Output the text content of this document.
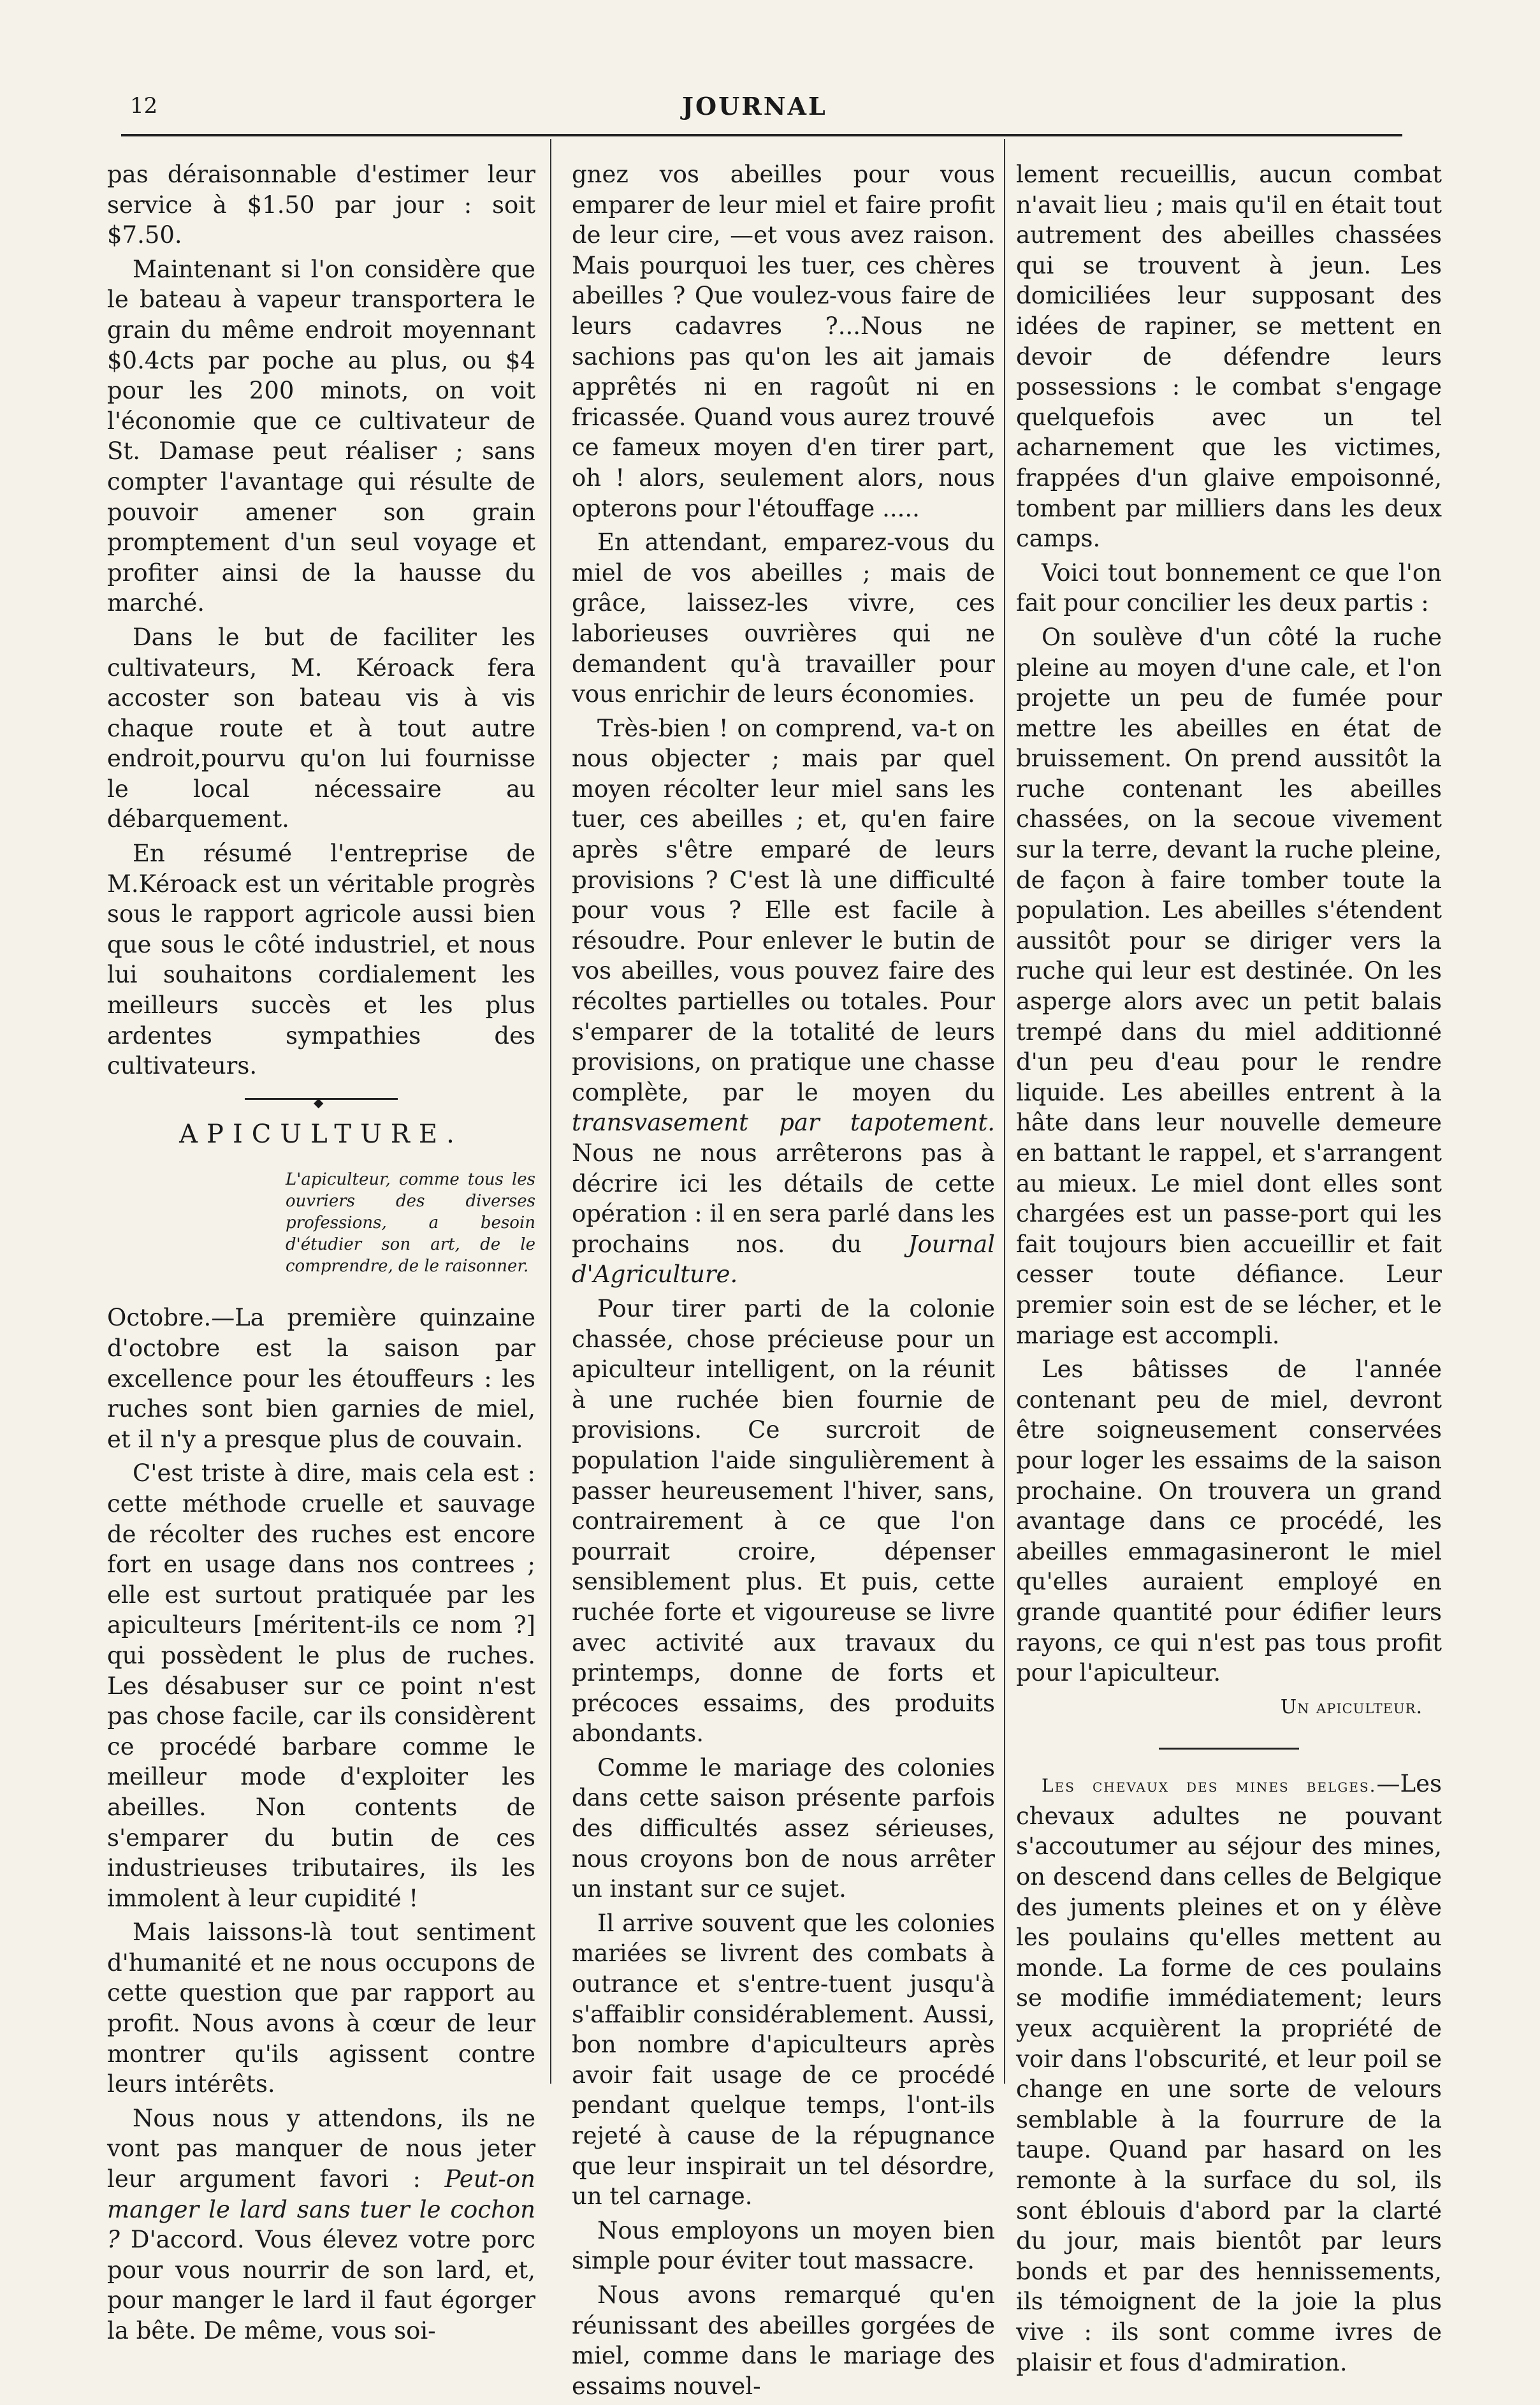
12	JOURNAL

pas déraisonnable d'estimer leur service à $1.50 par jour : soit $7.50.

Maintenant si l'on considère que le bateau à vapeur transportera le grain du même endroit moyennant $0.4cts par poche au plus, ou $4 pour les 200 minots, on voit l'économie que ce cultivateur de St. Damase peut réaliser ; sans compter l'avantage qui résulte de pouvoir amener son grain promptement d'un seul voyage et profiter ainsi de la hausse du marché.

Dans le but de faciliter les cultivateurs, M. Kéroack fera accoster son bateau vis à vis chaque route et à tout autre endroit,pourvu qu'on lui fournisse le local nécessaire au débarquement.

En résumé l'entreprise de M.Kéroack est un véritable progrès sous le rapport agricole aussi bien que sous le côté industriel, et nous lui souhaitons cordialement les meilleurs succès et les plus ardentes sympathies des cultivateurs.

◆
APICULTURE.
L'apiculteur, comme tous les ouvriers des diverses professions, a besoin d'étudier son art, de le comprendre, de le raisonner.

Octobre.—La première quinzaine d'octobre est la saison par excellence pour les étouffeurs : les ruches sont bien garnies de miel, et il n'y a presque plus de couvain.

C'est triste à dire, mais cela est : cette méthode cruelle et sauvage de récolter des ruches est encore fort en usage dans nos contrees ; elle est surtout pratiquée par les apiculteurs [méritent-ils ce nom ?] qui possèdent le plus de ruches. Les désabuser sur ce point n'est pas chose facile, car ils considèrent ce procédé barbare comme le meilleur mode d'exploiter les abeilles. Non contents de s'emparer du butin de ces industrieuses tributaires, ils les immolent à leur cupidité !

Mais laissons-là tout sentiment d'humanité et ne nous occupons de cette question que par rapport au profit. Nous avons à cœur de leur montrer qu'ils agissent contre leurs intérêts.

Nous nous y attendons, ils ne vont pas manquer de nous jeter leur argument favori : Peut-on manger le lard sans tuer le cochon ? D'accord. Vous élevez votre porc pour vous nourrir de son lard, et, pour manger le lard il faut égorger la bête. De même, vous soi-

gnez vos abeilles pour vous emparer de leur miel et faire profit de leur cire, —et vous avez raison. Mais pourquoi les tuer, ces chères abeilles ? Que voulez-vous faire de leurs cadavres ?...Nous ne sachions pas qu'on les ait jamais apprêtés ni en ragoût ni en fricassée. Quand vous aurez trouvé ce fameux moyen d'en tirer part, oh ! alors, seulement alors, nous opterons pour l'étouffage .....

En attendant, emparez-vous du miel de vos abeilles ; mais de grâce, laissez-les vivre, ces laborieuses ouvrières qui ne demandent qu'à travailler pour vous enrichir de leurs économies.

Très-bien ! on comprend, va-t on nous objecter ; mais par quel moyen récolter leur miel sans les tuer, ces abeilles ; et, qu'en faire après s'être emparé de leurs provisions ? C'est là une difficulté pour vous ? Elle est facile à résoudre. Pour enlever le butin de vos abeilles, vous pouvez faire des récoltes partielles ou totales. Pour s'emparer de la totalité de leurs provisions, on pratique une chasse complète, par le moyen du transvasement par tapotement. Nous ne nous arrêterons pas à décrire ici les détails de cette opération : il en sera parlé dans les prochains nos. du Journal d'Agriculture.

Pour tirer parti de la colonie chassée, chose précieuse pour un apiculteur intelligent, on la réunit à une ruchée bien fournie de provisions. Ce surcroit de population l'aide singulièrement à passer heureusement l'hiver, sans, contrairement à ce que l'on pourrait croire, dépenser sensiblement plus. Et puis, cette ruchée forte et vigoureuse se livre avec activité aux travaux du printemps, donne de forts et précoces essaims, des produits abondants.

Comme le mariage des colonies dans cette saison présente parfois des difficultés assez sérieuses, nous croyons bon de nous arrêter un instant sur ce sujet.

Il arrive souvent que les colonies mariées se livrent des combats à outrance et s'entre-tuent jusqu'à s'affaiblir considérablement. Aussi, bon nombre d'apiculteurs après avoir fait usage de ce procédé pendant quelque temps, l'ont-ils rejeté à cause de la répugnance que leur inspirait un tel désordre, un tel carnage.

Nous employons un moyen bien simple pour éviter tout massacre.

Nous avons remarqué qu'en réunissant des abeilles gorgées de miel, comme dans le mariage des essaims nouvel-

lement recueillis, aucun combat n'avait lieu ; mais qu'il en était tout autrement des abeilles chassées qui se trouvent à jeun. Les domiciliées leur supposant des idées de rapiner, se mettent en devoir de défendre leurs possessions : le combat s'engage quelquefois avec un tel acharnement que les victimes, frappées d'un glaive empoisonné, tombent par milliers dans les deux camps.

Voici tout bonnement ce que l'on fait pour concilier les deux partis :

On soulève d'un côté la ruche pleine au moyen d'une cale, et l'on projette un peu de fumée pour mettre les abeilles en état de bruissement. On prend aussitôt la ruche contenant les abeilles chassées, on la secoue vivement sur la terre, devant la ruche pleine, de façon à faire tomber toute la population. Les abeilles s'étendent aussitôt pour se diriger vers la ruche qui leur est destinée. On les asperge alors avec un petit balais trempé dans du miel additionné d'un peu d'eau pour le rendre liquide. Les abeilles entrent à la hâte dans leur nouvelle demeure en battant le rappel, et s'arrangent au mieux. Le miel dont elles sont chargées est un passe-port qui les fait toujours bien accueillir et fait cesser toute défiance. Leur premier soin est de se lécher, et le mariage est accompli.

Les bâtisses de l'année contenant peu de miel, devront être soigneusement conservées pour loger les essaims de la saison prochaine. On trouvera un grand avantage dans ce procédé, les abeilles emmagasineront le miel qu'elles auraient employé en grande quantité pour édifier leurs rayons, ce qui n'est pas tous profit pour l'apiculteur.

Un apiculteur.

Les chevaux des mines belges.—Les chevaux adultes ne pouvant s'accoutumer au séjour des mines, on descend dans celles de Belgique des juments pleines et on y élève les poulains qu'elles mettent au monde. La forme de ces poulains se modifie immédiatement; leurs yeux acquièrent la propriété de voir dans l'obscurité, et leur poil se change en une sorte de velours semblable à la fourrure de la taupe. Quand par hasard on les remonte à la surface du sol, ils sont éblouis d'abord par la clarté du jour, mais bientôt par leurs bonds et par des hennissements, ils témoignent de la joie la plus vive : ils sont comme ivres de plaisir et fous d'admiration.
